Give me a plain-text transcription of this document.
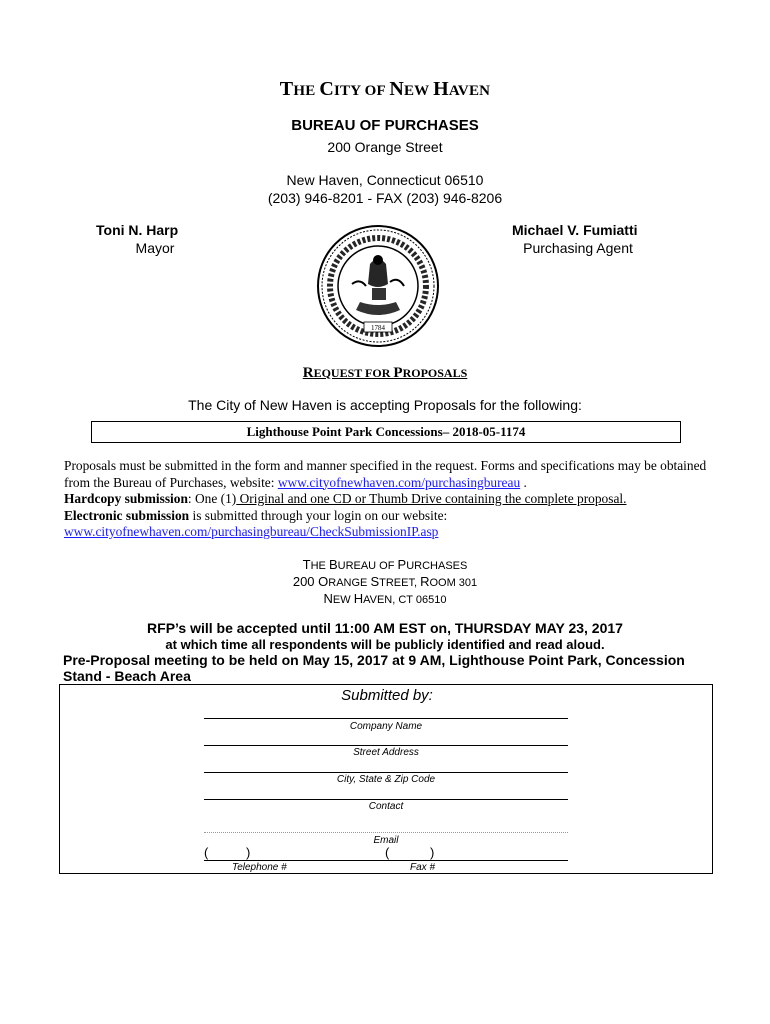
THE CITY OF NEW HAVEN
BUREAU OF PURCHASES
200 Orange Street
New Haven, Connecticut 06510
(203) 946-8201 - FAX (203) 946-8206
Toni N. Harp
Mayor
Michael V. Fumiatti
Purchasing Agent
1784
REQUEST FOR PROPOSALS
The City of New Haven is accepting Proposals for the following:
Lighthouse Point Park Concessions– 2018-05-1174
Proposals must be submitted in the form and manner specified in the request. Forms and specifications may be obtained from the Bureau of Purchases, website: www.cityofnewhaven.com/purchasingbureau .
Hardcopy submission: One (1) Original and one CD or Thumb Drive containing the complete proposal.
Electronic submission is submitted through your login on our website:
www.cityofnewhaven.com/purchasingbureau/CheckSubmissionIP.asp
THE BUREAU OF PURCHASES
200 ORANGE STREET, ROOM 301
NEW HAVEN, CT 06510
RFP’s will be accepted until 11:00 AM EST on, THURSDAY MAY 23, 2017
at which time all respondents will be publicly identified and read aloud.
Pre-Proposal meeting to be held on May 15, 2017 at 9 AM, Lighthouse Point Park, Concession Stand - Beach Area
Submitted by:
Company Name
Street Address
City, State & Zip Code
Contact
Email
(	)	(	)
Telephone #	Fax #
